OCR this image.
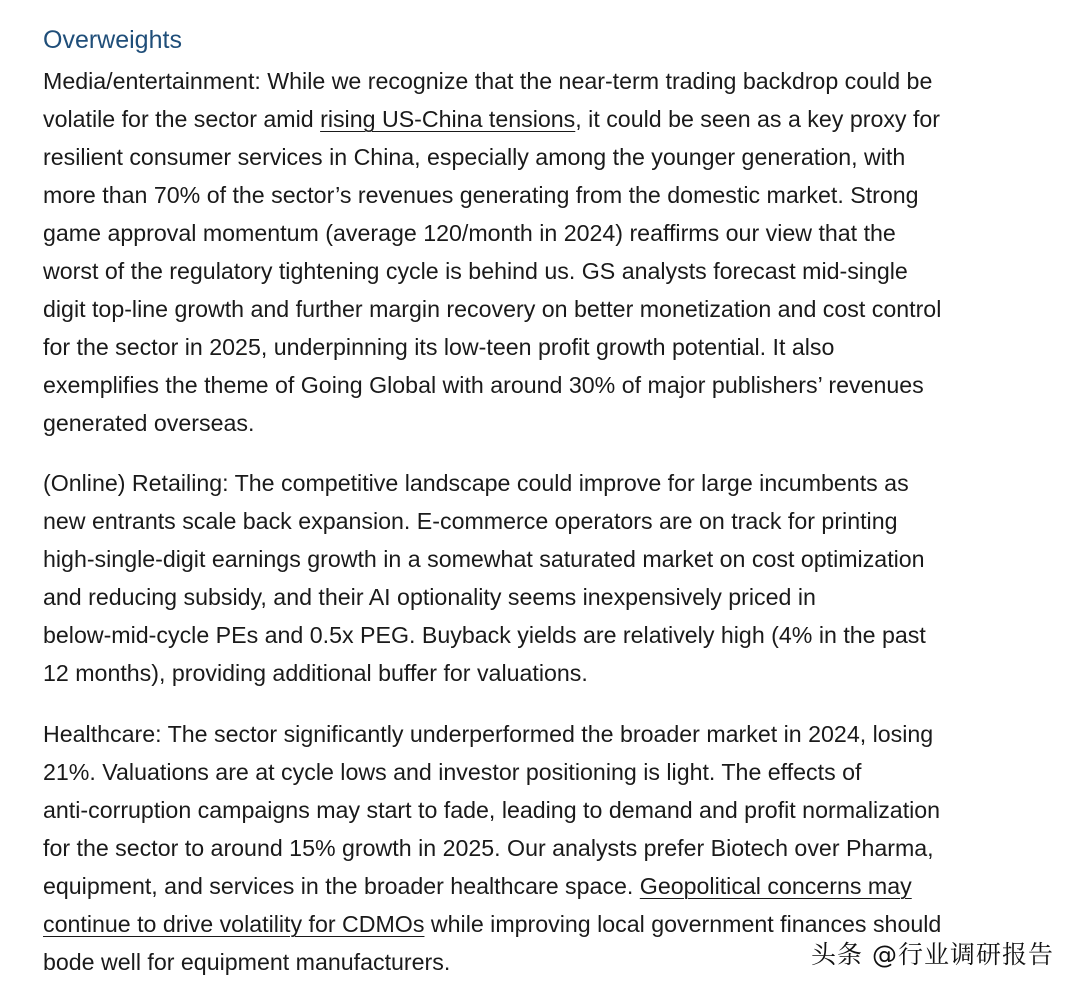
Overweights
Media/entertainment: While we recognize that the near-term trading backdrop could be
volatile for the sector amid rising US-China tensions, it could be seen as a key proxy for
resilient consumer services in China, especially among the younger generation, with
more than 70% of the sector’s revenues generating from the domestic market. Strong
game approval momentum (average 120/month in 2024) reaffirms our view that the
worst of the regulatory tightening cycle is behind us. GS analysts forecast mid-single
digit top-line growth and further margin recovery on better monetization and cost control
for the sector in 2025, underpinning its low-teen profit growth potential. It also
exemplifies the theme of Going Global with around 30% of major publishers’ revenues
generated overseas.
(Online) Retailing: The competitive landscape could improve for large incumbents as
new entrants scale back expansion. E-commerce operators are on track for printing
high-single-digit earnings growth in a somewhat saturated market on cost optimization
and reducing subsidy, and their AI optionality seems inexpensively priced in
below-mid-cycle PEs and 0.5x PEG. Buyback yields are relatively high (4% in the past
12 months), providing additional buffer for valuations.
Healthcare: The sector significantly underperformed the broader market in 2024, losing
21%. Valuations are at cycle lows and investor positioning is light. The effects of
anti-corruption campaigns may start to fade, leading to demand and profit normalization
for the sector to around 15% growth in 2025. Our analysts prefer Biotech over Pharma,
equipment, and services in the broader healthcare space. Geopolitical concerns may
continue to drive volatility for CDMOs while improving local government finances should
bode well for equipment manufacturers.	头条 @行业调研报告
